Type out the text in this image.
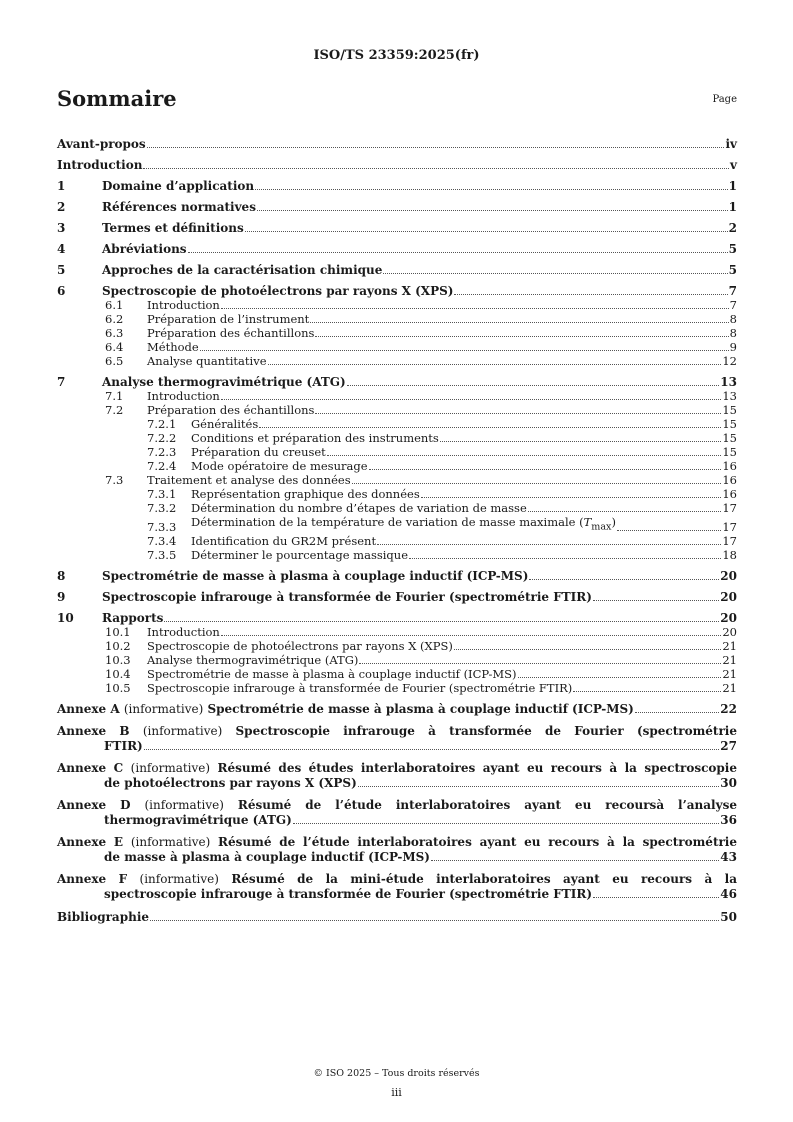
ISO/TS 23359:2025(fr)

Sommaire	Page
Avant-propos	iv
Introduction	v
1	Domaine d’application	1
2	Références normatives	1
3	Termes et définitions	2
4	Abréviations	5
5	Approches de la caractérisation chimique	5
6	Spectroscopie de photoélectrons par rayons X (XPS)	7
6.1	Introduction	7
6.2	Préparation de l’instrument	8
6.3	Préparation des échantillons	8
6.4	Méthode	9
6.5	Analyse quantitative	12
7	Analyse thermogravimétrique (ATG)	13
7.1	Introduction	13
7.2	Préparation des échantillons	15
7.2.1	Généralités	15
7.2.2	Conditions et préparation des instruments	15
7.2.3	Préparation du creuset	15
7.2.4	Mode opératoire de mesurage	16
7.3	Traitement et analyse des données	16
7.3.1	Représentation graphique des données	16
7.3.2	Détermination du nombre d’étapes de variation de masse	17
7.3.3	Détermination de la température de variation de masse maximale $(T_{max})$	17
7.3.4	Identification du GR2M présent	17
7.3.5	Déterminer le pourcentage massique	18
8	Spectrométrie de masse à plasma à couplage inductif (ICP-MS)	20
9	Spectroscopie infrarouge à transformée de Fourier (spectrométrie FTIR)	20
10	Rapports	20
10.1	Introduction	20
10.2	Spectroscopie de photoélectrons par rayons X (XPS)	21
10.3	Analyse thermogravimétrique (ATG)	21
10.4	Spectrométrie de masse à plasma à couplage inductif (ICP-MS)	21
10.5	Spectroscopie infrarouge à transformée de Fourier (spectrométrie FTIR)	21
Annexe A (informative) Spectrométrie de masse à plasma à couplage inductif (ICP-MS)	22
Annexe B (informative) Spectroscopie infrarouge à transformée de Fourier (spectrométrie
FTIR)	27
Annexe C (informative) Résumé des études interlaboratoires ayant eu recours à la spectroscopie
de photoélectrons par rayons X (XPS)	30
Annexe D (informative) Résumé de l’étude interlaboratoires ayant eu recoursà l’analyse
thermogravimétrique (ATG)	36
Annexe E (informative) Résumé de l’étude interlaboratoires ayant eu recours à la spectrométrie
de masse à plasma à couplage inductif (ICP-MS)	43
Annexe F (informative) Résumé de la mini-étude interlaboratoires ayant eu recours à la
spectroscopie infrarouge à transformée de Fourier (spectrométrie FTIR)	46
Bibliographie	50

© ISO 2025 – Tous droits réservés

iii
